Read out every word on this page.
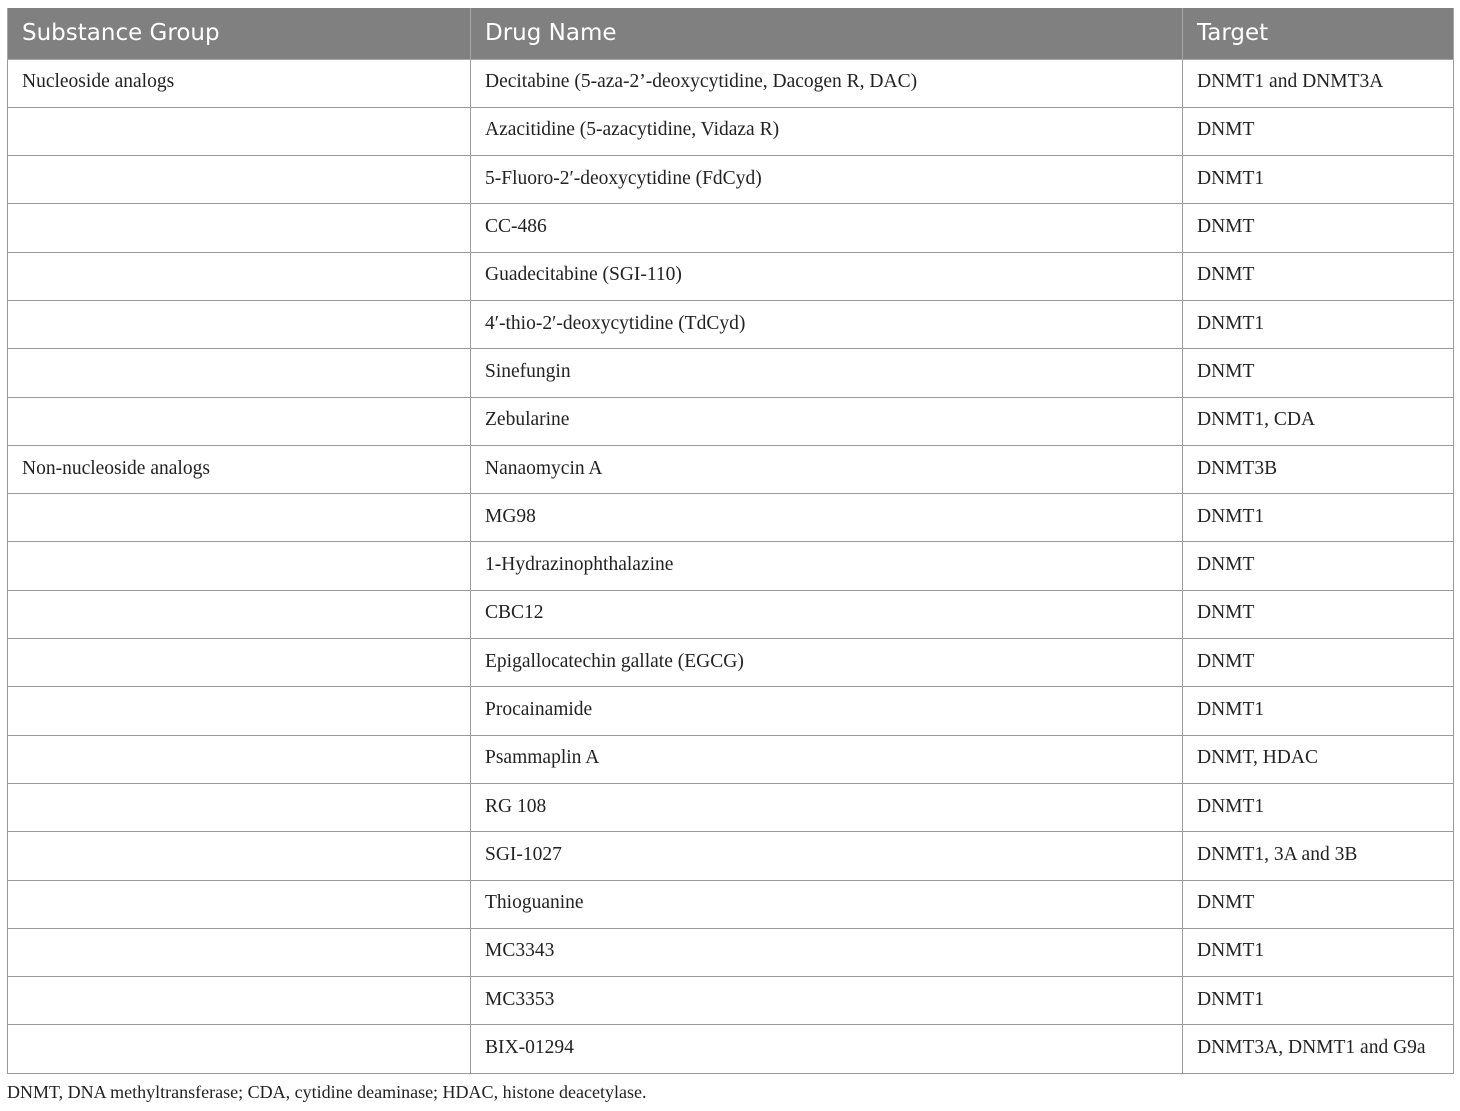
Substance Group	Drug Name	Target
Nucleoside analogs	Decitabine (5-aza-2’-deoxycytidine, Dacogen R, DAC)	DNMT1 and DNMT3A
	Azacitidine (5-azacytidine, Vidaza R)	DNMT
	5-Fluoro-2′-deoxycytidine (FdCyd)	DNMT1
	CC-486	DNMT
	Guadecitabine (SGI-110)	DNMT
	4′-thio-2′-deoxycytidine (TdCyd)	DNMT1
	Sinefungin	DNMT
	Zebularine	DNMT1, CDA
Non-nucleoside analogs	Nanaomycin A	DNMT3B
	MG98	DNMT1
	1-Hydrazinophthalazine	DNMT
	CBC12	DNMT
	Epigallocatechin gallate (EGCG)	DNMT
	Procainamide	DNMT1
	Psammaplin A	DNMT, HDAC
	RG 108	DNMT1
	SGI-1027	DNMT1, 3A and 3B
	Thioguanine	DNMT
	MC3343	DNMT1
	MC3353	DNMT1
	BIX-01294	DNMT3A, DNMT1 and G9a
DNMT, DNA methyltransferase; CDA, cytidine deaminase; HDAC, histone deacetylase.
